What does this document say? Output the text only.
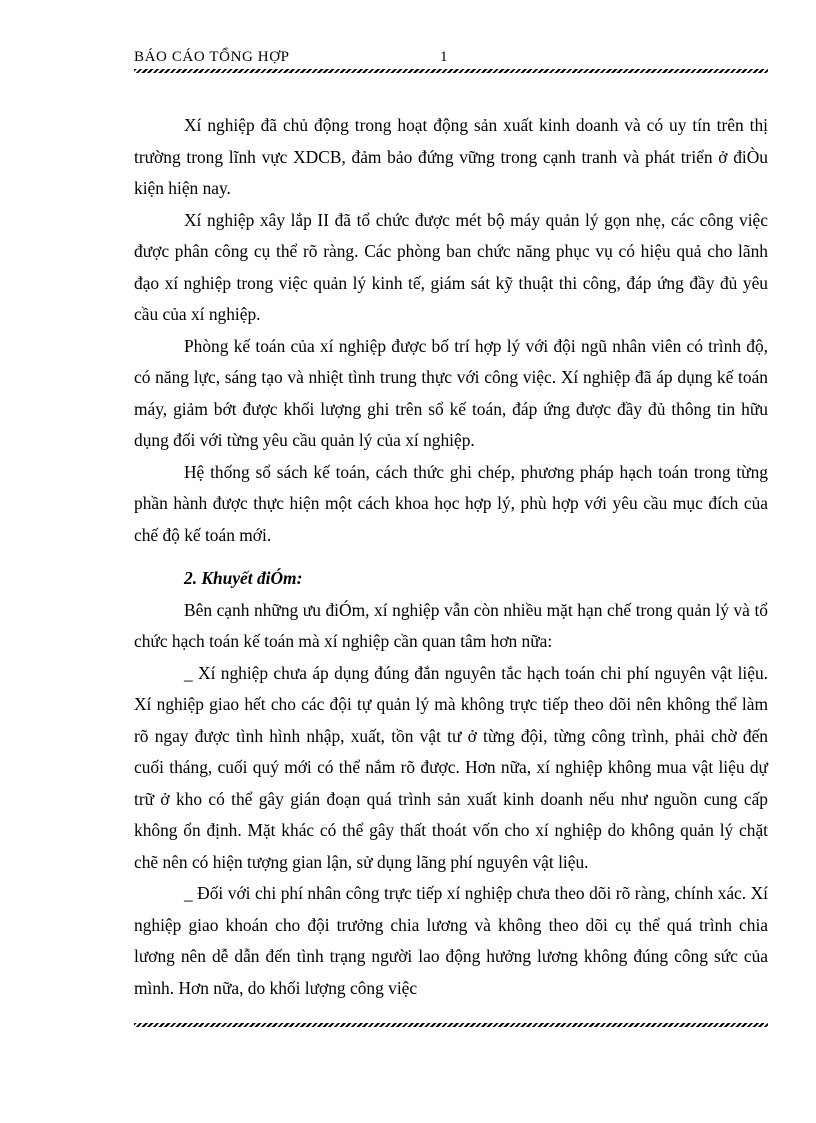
BÁO CÁO TỔNG HỢP	1

Xí nghiệp đã chủ động trong hoạt động sản xuất kinh doanh và có uy tín trên thị trường trong lĩnh vực XDCB, đảm bảo đứng vững trong cạnh tranh và phát triển ở điÒu kiện hiện nay.

Xí nghiệp xây lắp II đã tổ chức được mét bộ máy quản lý gọn nhẹ, các công việc được phân công cụ thể rõ ràng. Các phòng ban chức năng phục vụ có hiệu quả cho lãnh đạo xí nghiệp trong việc quản lý kinh tế, giám sát kỹ thuật thi công, đáp ứng đầy đủ yêu cầu của xí nghiệp.

Phòng kế toán của xí nghiệp được bố trí hợp lý với đội ngũ nhân viên có trình độ, có năng lực, sáng tạo và nhiệt tình trung thực với công việc. Xí nghiệp đã áp dụng kế toán máy, giảm bớt được khối lượng ghi trên sổ kế toán, đáp ứng được đầy đủ thông tin hữu dụng đối với từng yêu cầu quản lý của xí nghiệp.

Hệ thống sổ sách kế toán, cách thức ghi chép, phương pháp hạch toán trong từng phần hành được thực hiện một cách khoa học hợp lý, phù hợp với yêu cầu mục đích của chế độ kế toán mới.

2. Khuyết điÓm:

Bên cạnh những ưu điÓm, xí nghiệp vẫn còn nhiều mặt hạn chế trong quản lý và tổ chức hạch toán kế toán mà xí nghiệp cần quan tâm hơn nữa:

_ Xí nghiệp chưa áp dụng đúng đắn nguyên tắc hạch toán chi phí nguyên vật liệu. Xí nghiệp giao hết cho các đội tự quản lý mà không trực tiếp theo dõi nên không thể làm rõ ngay được tình hình nhập, xuất, tồn vật tư ở từng đội, từng công trình, phải chờ đến cuối tháng, cuối quý mới có thể nắm rõ được. Hơn nữa, xí nghiệp không mua vật liệu dự trữ ở kho có thể gây gián đoạn quá trình sản xuất kinh doanh nếu như nguồn cung cấp không ổn định. Mặt khác có thể gây thất thoát vốn cho xí nghiệp do không quản lý chặt chẽ nên có hiện tượng gian lận, sử dụng lãng phí nguyên vật liệu.

_ Đối với chi phí nhân công trực tiếp xí nghiệp chưa theo dõi rõ ràng, chính xác. Xí nghiệp giao khoán cho đội trưởng chia lương và không theo dõi cụ thể quá trình chia lương nên dễ dẫn đến tình trạng người lao động hưởng lương không đúng công sức của mình. Hơn nữa, do khối lượng công việc
